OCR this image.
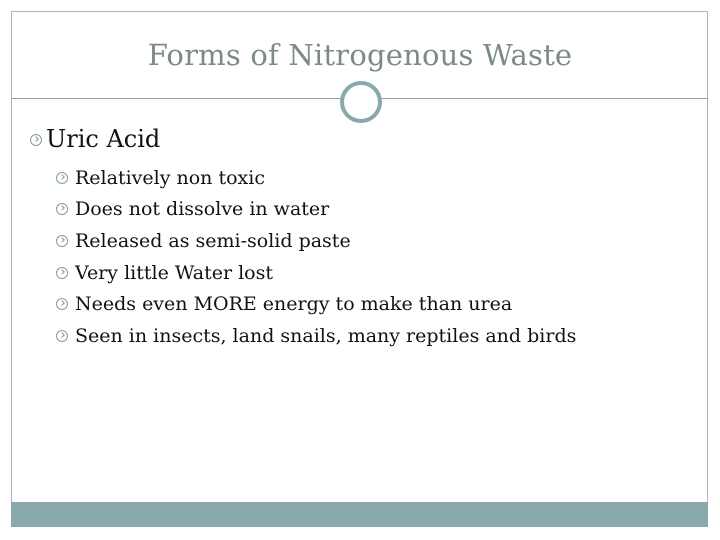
Forms of Nitrogenous Waste
Uric Acid
Relatively non toxic
Does not dissolve in water
Released as semi-solid paste
Very little Water lost
Needs even MORE energy to make than urea
Seen in insects, land snails, many reptiles and birds
